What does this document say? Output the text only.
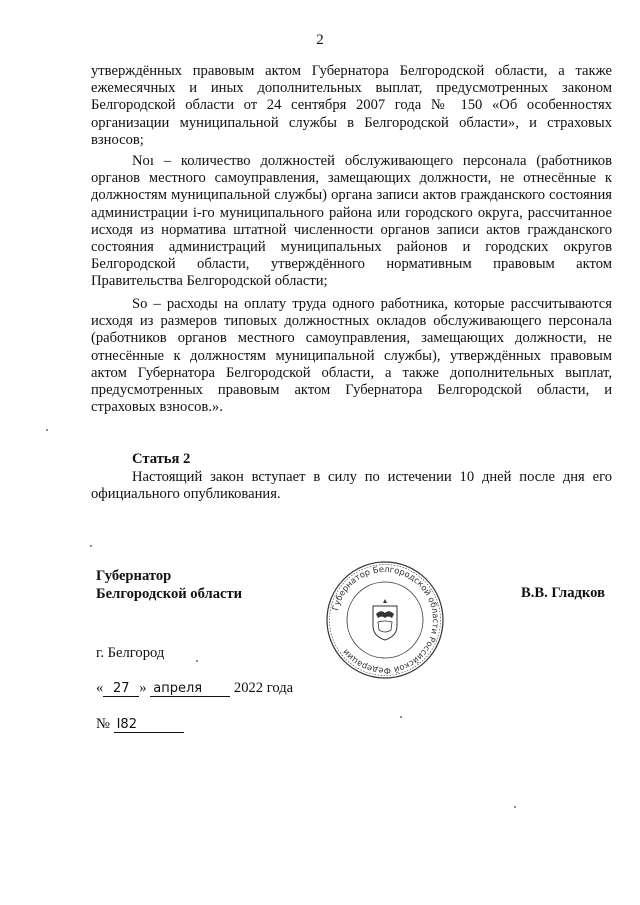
2

утверждённых правовым актом Губернатора Белгородской области, а также ежемесячных и иных дополнительных выплат, предусмотренных законом Белгородской области от 24 сентября 2007 года № 150 «Об особенностях организации муниципальной службы в Белгородской области», и страховых взносов;

Noı – количество должностей обслуживающего персонала (работников органов местного самоуправления, замещающих должности, не отнесённые к должностям муниципальной службы) органа записи актов гражданского состояния администрации i-го муниципального района или городского округа, рассчитанное исходя из норматива штатной численности органов записи актов гражданского состояния администраций муниципальных районов и городских округов Белгородской области, утверждённого нормативным правовым актом Правительства Белгородской области;

So – расходы на оплату труда одного работника, которые рассчитываются исходя из размеров типовых должностных окладов обслуживающего персонала (работников органов местного самоуправления, замещающих должности, не отнесённые к должностям муниципальной службы), утверждённых правовым актом Губернатора Белгородской области, а также дополнительных выплат, предусмотренных правовым актом Губернатора Белгородской области, и страховых взносов.».

Статья 2

Настоящий закон вступает в силу по истечении 10 дней после дня его официального опубликования.

Губернатор
Белгородской области
Губернатор Белгородской области Российской Федерации
В.В. Гладков
г. Белгород
« 27 » апреля 2022 года
№ I82
